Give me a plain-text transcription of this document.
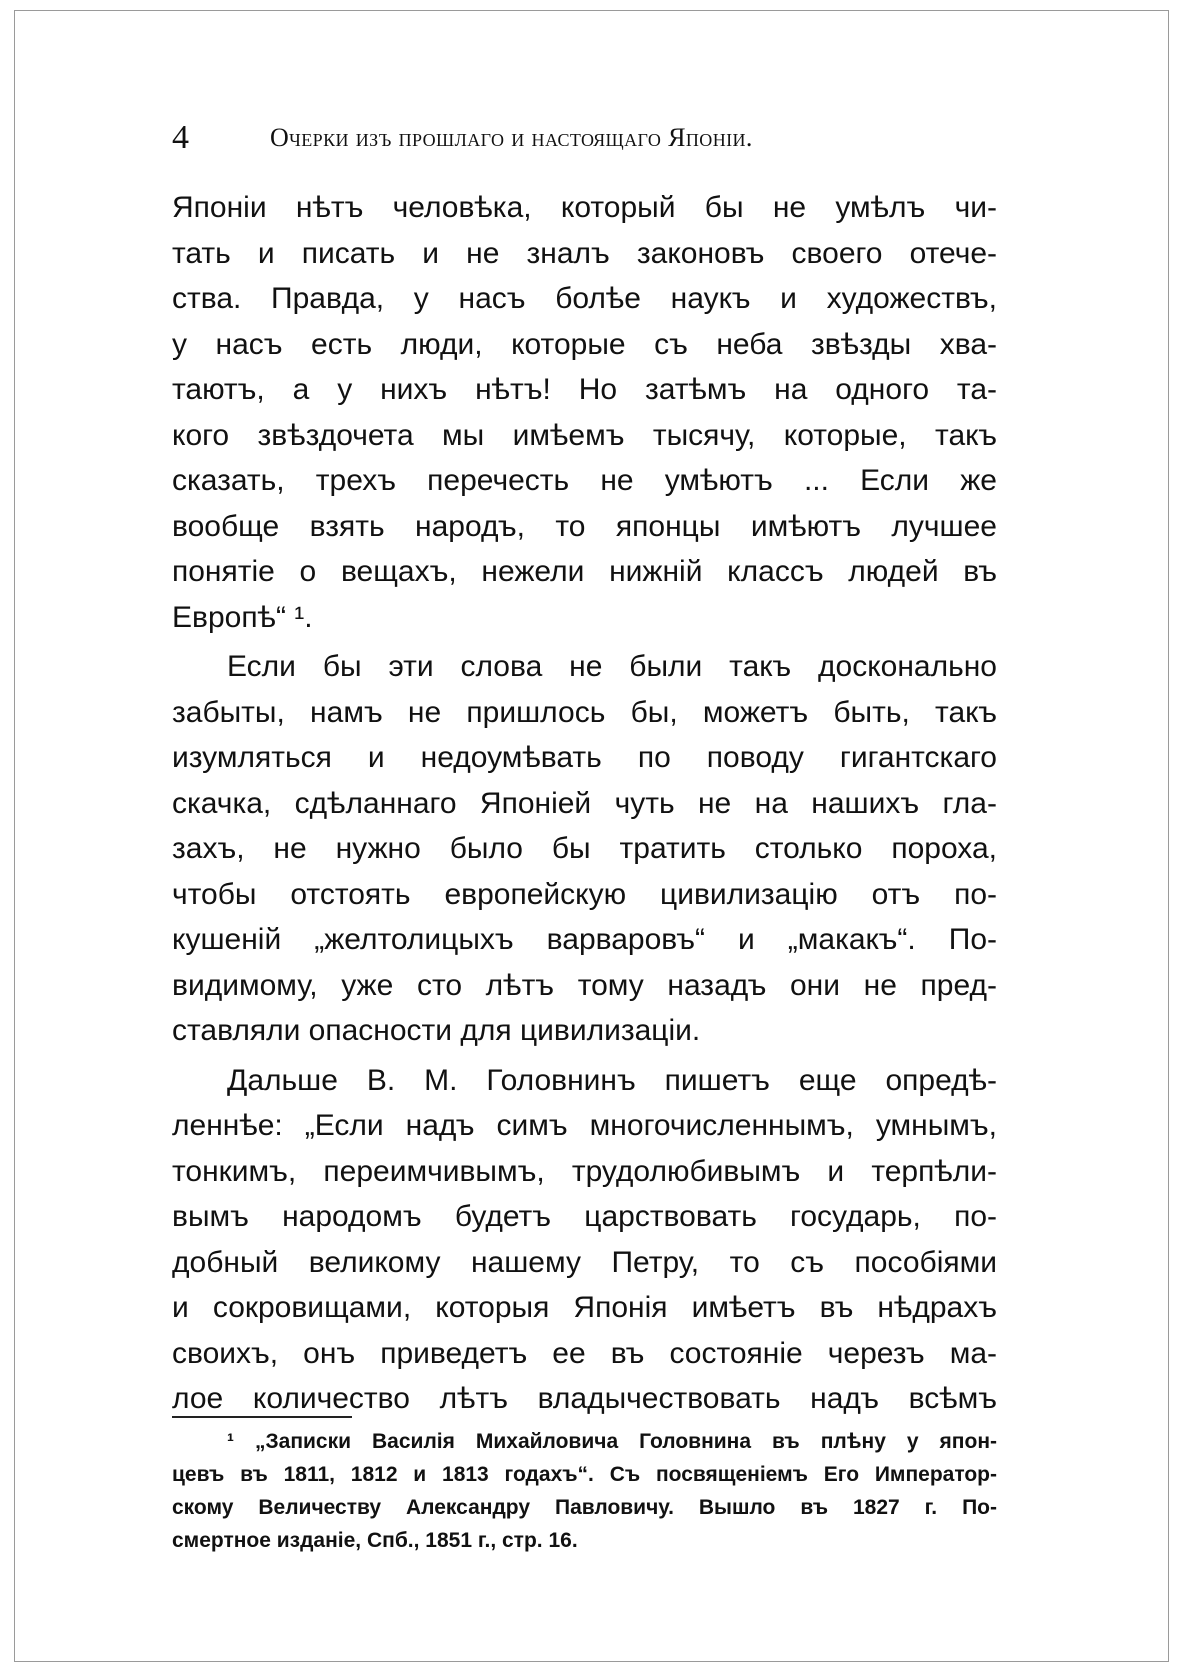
4	Очерки изъ прошлаго и настоящаго Японіи.
Японіи нѣтъ человѣка, который бы не умѣлъ чи-
тать и писать и не зналъ законовъ своего отече-
ства. Правда, у насъ болѣе наукъ и художествъ,
у насъ есть люди, которые съ неба звѣзды хва-
таютъ, а у нихъ нѣтъ! Но затѣмъ на одного та-
кого звѣздочета мы имѣемъ тысячу, которые, такъ
сказать, трехъ перечесть не умѣютъ ... Если же
вообще взять народъ, то японцы имѣютъ лучшее
понятіе о вещахъ, нежели нижній классъ людей въ
Европѣ“ ¹.
Если бы эти слова не были такъ досконально
забыты, намъ не пришлось бы, можетъ быть, такъ
изумляться и недоумѣвать по поводу гигантскаго
скачка, сдѣланнаго Японіей чуть не на нашихъ гла-
захъ, не нужно было бы тратить столько пороха,
чтобы отстоять европейскую цивилизацію отъ по-
кушеній „желтолицыхъ варваровъ“ и „макакъ“. По-
видимому, уже сто лѣтъ тому назадъ они не пред-
ставляли опасности для цивилизаціи.
Дальше В. М. Головнинъ пишетъ еще опредѣ-
леннѣе: „Если надъ симъ многочисленнымъ, умнымъ,
тонкимъ, переимчивымъ, трудолюбивымъ и терпѣли-
вымъ народомъ будетъ царствовать государь, по-
добный великому нашему Петру, то съ пособіями
и сокровищами, которыя Японія имѣетъ въ нѣдрахъ
своихъ, онъ приведетъ ее въ состояніе черезъ ма-
лое количество лѣтъ владычествовать надъ всѣмъ
¹ „Записки Василія Михайловича Головнина въ плѣну у япон-
цевъ въ 1811, 1812 и 1813 годахъ“. Съ посвященіемъ Его Император-
скому Величеству Александру Павловичу. Вышло въ 1827 г. По-
смертное изданіе, Спб., 1851 г., стр. 16.
